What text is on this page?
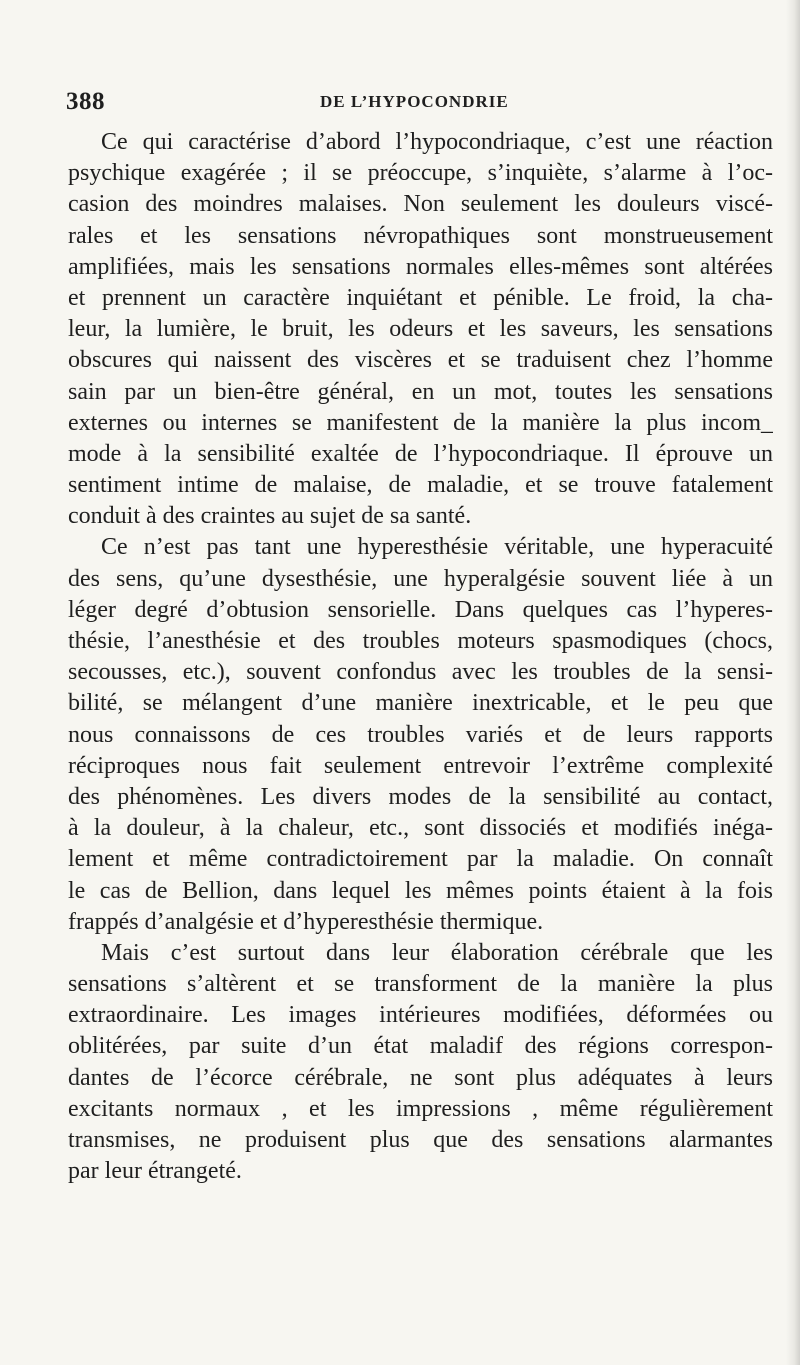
388	DE L’HYPOCONDRIE
Ce qui caractérise d’abord l’hypocondriaque, c’est une réaction
psychique exagérée ; il se préoccupe, s’inquiète, s’alarme à l’oc-
casion des moindres malaises. Non seulement les douleurs viscé-
rales et les sensations névropathiques sont monstrueusement
amplifiées, mais les sensations normales elles-mêmes sont altérées
et prennent un caractère inquiétant et pénible. Le froid, la cha-
leur, la lumière, le bruit, les odeurs et les saveurs, les sensations
obscures qui naissent des viscères et se traduisent chez l’homme
sain par un bien-être général, en un mot, toutes les sensations
externes ou internes se manifestent de la manière la plus incom_
mode à la sensibilité exaltée de l’hypocondriaque. Il éprouve un
sentiment intime de malaise, de maladie, et se trouve fatalement
conduit à des craintes au sujet de sa santé.
Ce n’est pas tant une hyperesthésie véritable, une hyperacuité
des sens, qu’une dysesthésie, une hyperalgésie souvent liée à un
léger degré d’obtusion sensorielle. Dans quelques cas l’hyperes-
thésie, l’anesthésie et des troubles moteurs spasmodiques (chocs,
secousses, etc.), souvent confondus avec les troubles de la sensi-
bilité, se mélangent d’une manière inextricable, et le peu que
nous connaissons de ces troubles variés et de leurs rapports
réciproques nous fait seulement entrevoir l’extrême complexité
des phénomènes. Les divers modes de la sensibilité au contact,
à la douleur, à la chaleur, etc., sont dissociés et modifiés inéga-
lement et même contradictoirement par la maladie. On connaît
le cas de Bellion, dans lequel les mêmes points étaient à la fois
frappés d’analgésie et d’hyperesthésie thermique.
Mais c’est surtout dans leur élaboration cérébrale que les
sensations s’altèrent et se transforment de la manière la plus
extraordinaire. Les images intérieures modifiées, déformées ou
oblitérées, par suite d’un état maladif des régions correspon-
dantes de l’écorce cérébrale, ne sont plus adéquates à leurs
excitants normaux , et les impressions , même régulièrement
transmises, ne produisent plus que des sensations alarmantes
par leur étrangeté.
